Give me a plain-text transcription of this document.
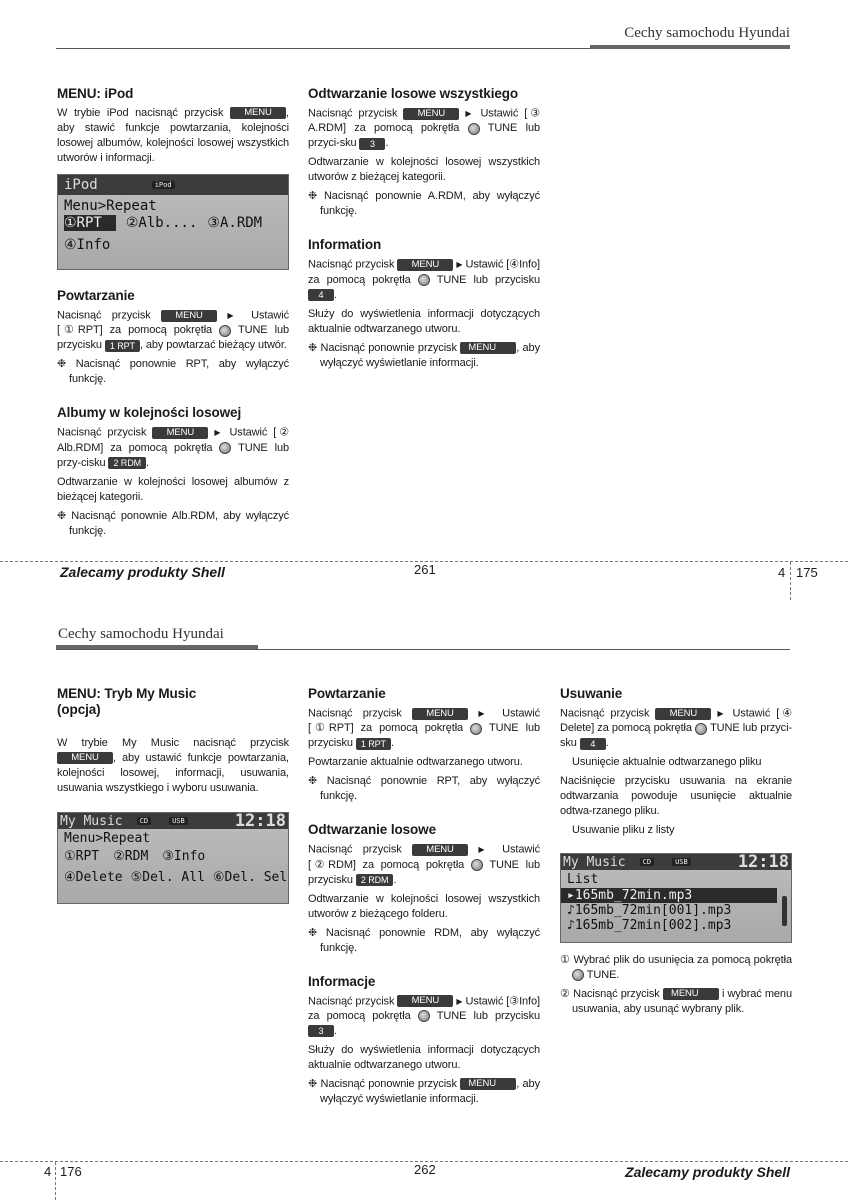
Cechy samochodu Hyundai
MENU: iPod

W trybie iPod nacisnąć przycisk MENU , aby stawić funkcje powtarzania, kolejności losowej albumów, kolejności losowej wszystkich utworów i informacji.

iPod	iPod
Menu>Repeat
①RPT	②Alb.... ③A.RDM
④Info
Powtarzanie

Nacisnąć przycisk	MENU	▶ Ustawić [①RPT] za pomocą pokrętła TUNE lub przycisku 1 RPT , aby powtarzać bieżący utwór.

❉ Nacisnąć ponownie RPT, aby wyłączyć funkcję.

Albumy w kolejności losowej

Nacisnąć przycisk MENU	▶ Ustawić [② Alb.RDM] za pomocą pokrętła TUNE lub przy-cisku 2 RDM .

Odtwarzanie w kolejności losowej albumów z bieżącej kategorii.

❉ Nacisnąć ponownie Alb.RDM, aby wyłączyć funkcję.

Odtwarzanie losowe wszystkiego

Nacisnąć przycisk MENU	▶ Ustawić [③ A.RDM] za pomocą pokrętła	TUNE lub przyci-sku 3 .

Odtwarzanie w kolejności losowej wszystkich utworów z bieżącej kategorii.

❉ Nacisnąć ponownie A.RDM, aby wyłączyć funkcję.

Information

Nacisnąć przycisk MENU ▶ Ustawić [④Info] za pomocą pokrętła TUNE lub przycisku 4 .

Służy do wyświetlenia informacji dotyczących aktualnie odtwarzanego utworu.

❉ Nacisnąć ponownie przycisk MENU , aby wyłączyć wyświetlanie informacji.

Zalecamy produkty Shell	261	4 175
Cechy samochodu Hyundai
MENU: Tryb My Music
(opcja)

W trybie My Music nacisnąć przycisk MENU , aby ustawić funkcje powtarzania, kolejności losowej, informacji, usuwania, usuwania wszystkiego i wyboru usuwania.

My Music	CD	USB	12:18
Menu>Repeat
①RPT ②RDM ③Info
④Delete ⑤Del. All ⑥Del. Sel
Powtarzanie

Nacisnąć przycisk	MENU	▶ Ustawić [①RPT] za pomocą pokrętła TUNE lub przycisku 1 RPT .

Powtarzanie aktualnie odtwarzanego utworu.

❉ Nacisnąć ponownie RPT, aby wyłączyć funkcję.

Odtwarzanie losowe

Nacisnąć przycisk	MENU	▶ Ustawić [②RDM] za pomocą pokrętła TUNE lub przycisku 2 RDM .

Odtwarzanie w kolejności losowej wszystkich utworów z bieżącego folderu.

❉ Nacisnąć ponownie RDM, aby wyłączyć funkcję.

Informacje

Nacisnąć przycisk MENU ▶ Ustawić [③Info] za pomocą pokrętła TUNE lub przycisku 3 .

Służy do wyświetlenia informacji dotyczących aktualnie odtwarzanego utworu.

❉ Nacisnąć ponownie przycisk MENU , aby wyłączyć wyświetlanie informacji.

Usuwanie

Nacisnąć przycisk MENU	▶ Ustawić [④ Delete] za pomocą pokrętła TUNE lub przyci-sku 4 .

Usunięcie aktualnie odtwarzanego pliku

Naciśnięcie przycisku usuwania na ekranie odtwarzania powoduje usunięcie aktualnie odtwa-rzanego pliku.

Usuwanie pliku z listy

My Music	CD	USB	12:18
List
▸165mb_72min.mp3
♪165mb_72min[001].mp3
♪165mb_72min[002].mp3

① Wybrać plik do usunięcia za pomocą pokrętła  TUNE.

② Nacisnąć przycisk MENU i wybrać menu usuwania, aby usunąć wybrany plik.

4 176	262	Zalecamy produkty Shell
